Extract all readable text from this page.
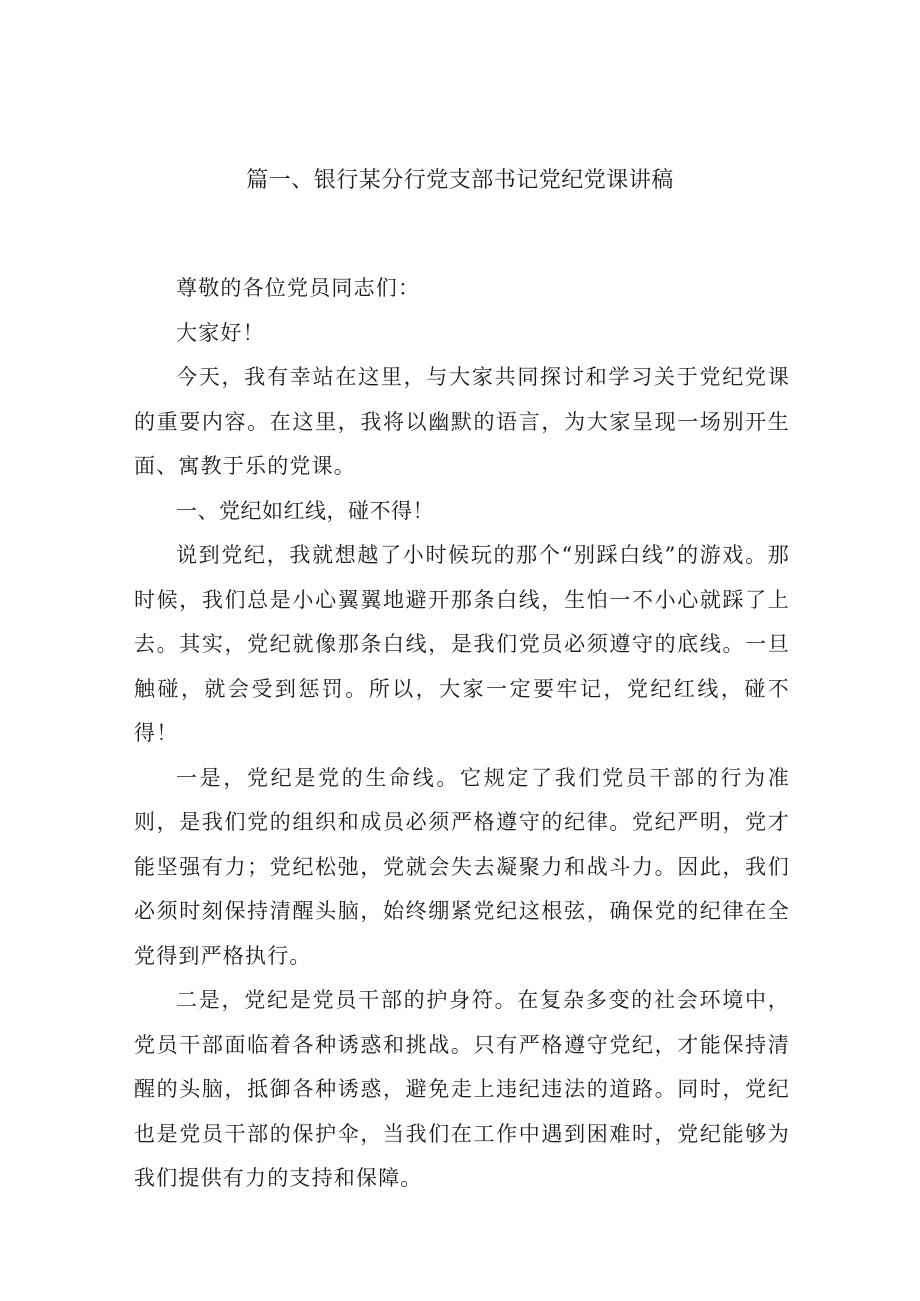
篇一、银行某分行党支部书记党纪党课讲稿

尊敬的各位党员同志们：

大家好！

今天，我有幸站在这里，与大家共同探讨和学习关于党纪党课的重要内容。在这里，我将以幽默的语言，为大家呈现一场别开生面、寓教于乐的党课。

一、党纪如红线，碰不得！

说到党纪，我就想越了小时候玩的那个“别踩白线”的游戏。那时候，我们总是小心翼翼地避开那条白线，生怕一不小心就踩了上去。其实，党纪就像那条白线，是我们党员必须遵守的底线。一旦触碰，就会受到惩罚。所以，大家一定要牢记，党纪红线，碰不得！

一是，党纪是党的生命线。它规定了我们党员干部的行为准则，是我们党的组织和成员必须严格遵守的纪律。党纪严明，党才能坚强有力；党纪松弛，党就会失去凝聚力和战斗力。因此，我们必须时刻保持清醒头脑，始终绷紧党纪这根弦，确保党的纪律在全党得到严格执行。

二是，党纪是党员干部的护身符。在复杂多变的社会环境中，党员干部面临着各种诱惑和挑战。只有严格遵守党纪，才能保持清醒的头脑，抵御各种诱惑，避免走上违纪违法的道路。同时，党纪也是党员干部的保护伞，当我们在工作中遇到困难时，党纪能够为我们提供有力的支持和保障。
